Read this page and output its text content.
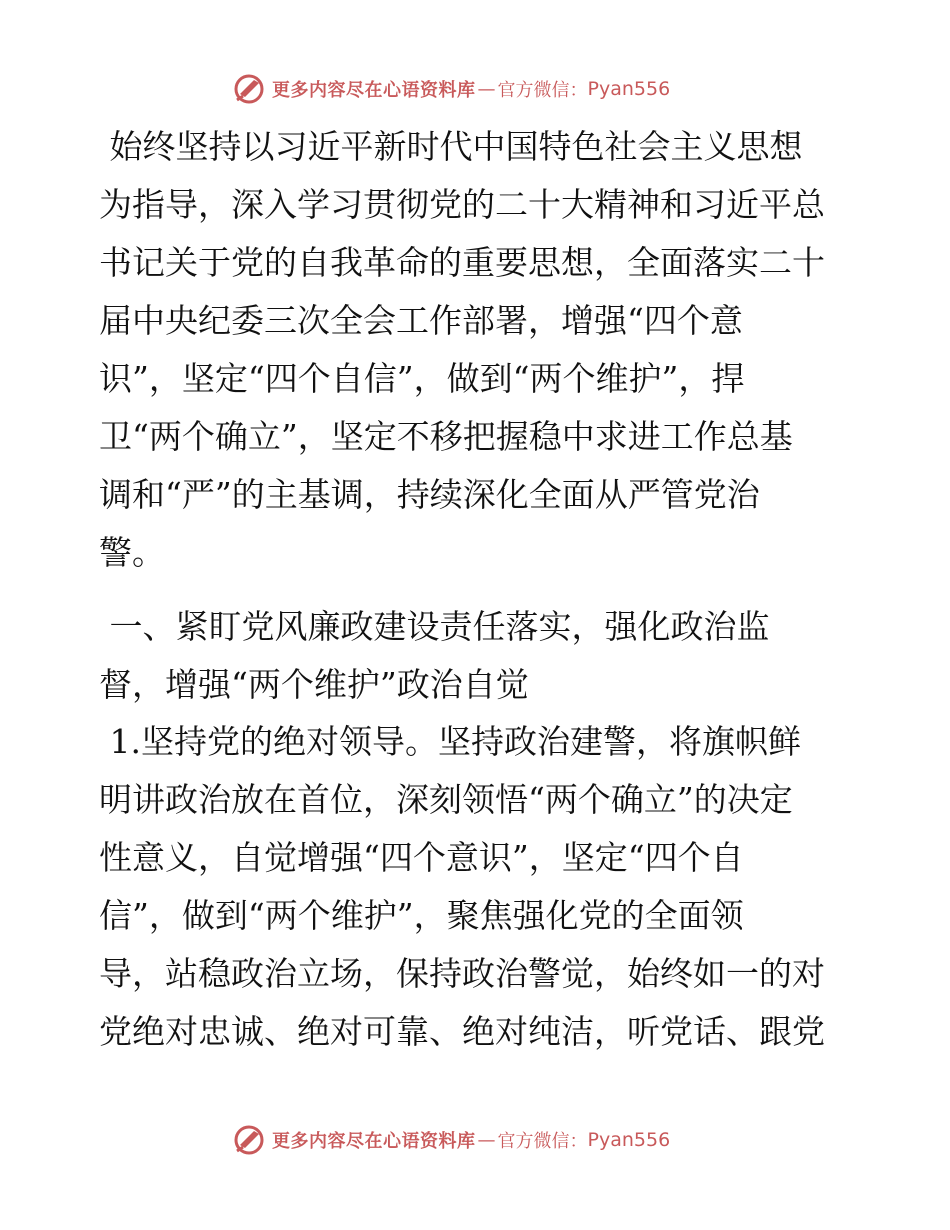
更多内容尽在心语资料库 — 官方微信： Pyan556
始终坚持以习近平新时代中国特色社会主义思想
为指导，深入学习贯彻党的二十大精神和习近平总
书记关于党的自我革命的重要思想，全面落实二十
届中央纪委三次全会工作部署，增强“四个意
识”，坚定“四个自信”，做到“两个维护”，捍
卫“两个确立”，坚定不移把握稳中求进工作总基
调和“严”的主基调，持续深化全面从严管党治
警。
一、紧盯党风廉政建设责任落实，强化政治监
督，增强“两个维护”政治自觉
1.坚持党的绝对领导。坚持政治建警，将旗帜鲜
明讲政治放在首位，深刻领悟“两个确立”的决定
性意义，自觉增强“四个意识”，坚定“四个自
信”，做到“两个维护”，聚焦强化党的全面领
导，站稳政治立场，保持政治警觉，始终如一的对
党绝对忠诚、绝对可靠、绝对纯洁，听党话、跟党
更多内容尽在心语资料库 — 官方微信： Pyan556
